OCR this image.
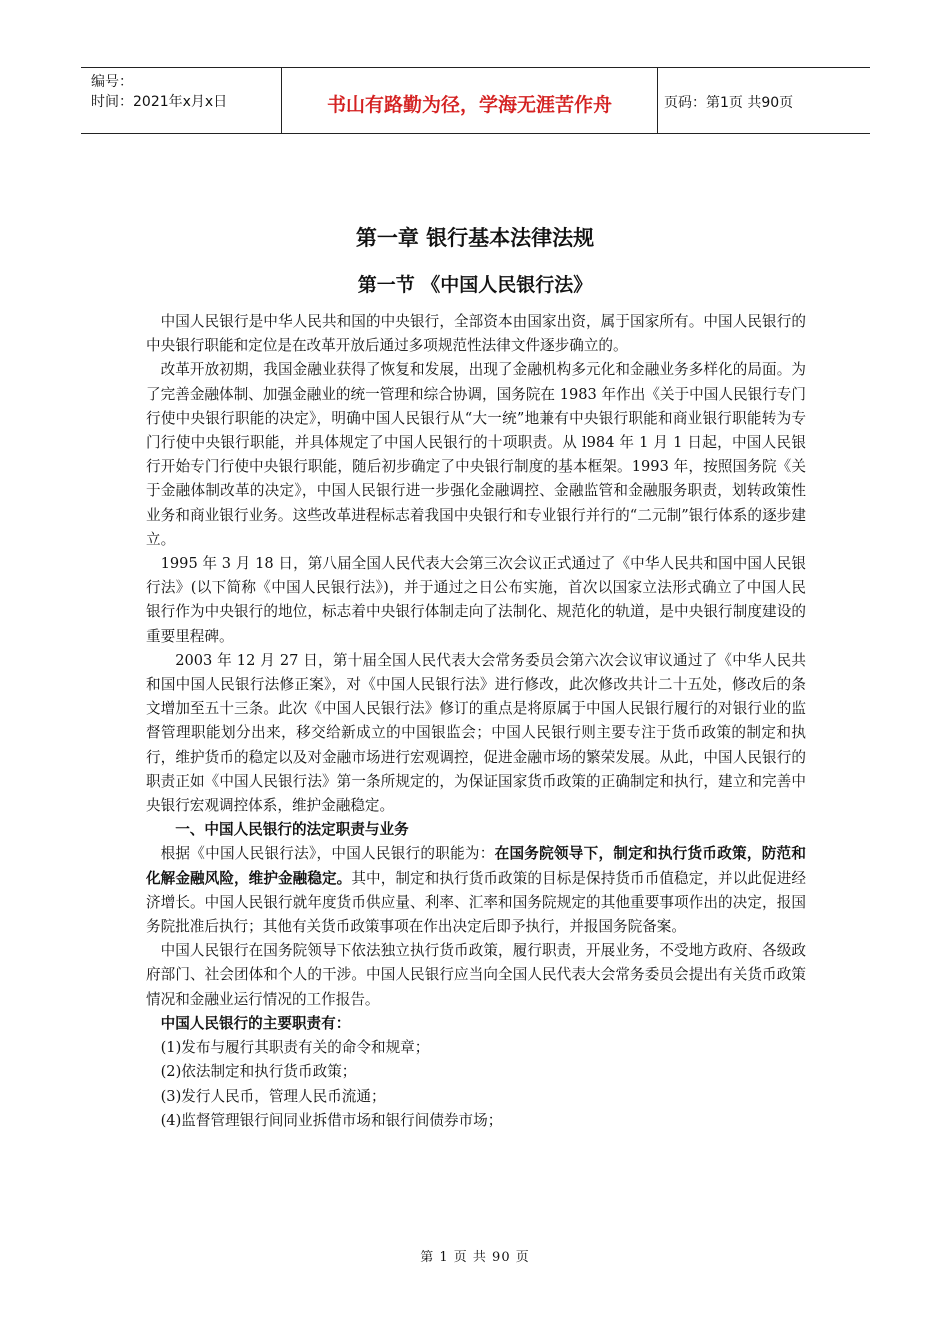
编号：
时间：2021年x月x日	书山有路勤为径，学海无涯苦作舟	页码：第1页 共90页
第一章 银行基本法律法规
第一节 《中国人民银行法》

中国人民银行是中华人民共和国的中央银行，全部资本由国家出资，属于国家所有。中国人民银行的中央银行职能和定位是在改革开放后通过多项规范性法律文件逐步确立的。

改革开放初期，我国金融业获得了恢复和发展，出现了金融机构多元化和金融业务多样化的局面。为了完善金融体制、加强金融业的统一管理和综合协调，国务院在 1983 年作出《关于中国人民银行专门行使中央银行职能的决定》，明确中国人民银行从“大一统”地兼有中央银行职能和商业银行职能转为专门行使中央银行职能，并具体规定了中国人民银行的十项职责。从 l984 年 1 月 1 日起，中国人民银行开始专门行使中央银行职能，随后初步确定了中央银行制度的基本框架。1993 年，按照国务院《关于金融体制改革的决定》，中国人民银行进一步强化金融调控、金融监管和金融服务职责，划转政策性业务和商业银行业务。这些改革进程标志着我国中央银行和专业银行并行的“二元制”银行体系的逐步建立。

1995 年 3 月 18 日，第八届全国人民代表大会第三次会议正式通过了《中华人民共和国中国人民银行法》(以下简称《中国人民银行法》)，并于通过之日公布实施，首次以国家立法形式确立了中国人民银行作为中央银行的地位，标志着中央银行体制走向了法制化、规范化的轨道，是中央银行制度建设的重要里程碑。

2003 年 12 月 27 日，第十届全国人民代表大会常务委员会第六次会议审议通过了《中华人民共和国中国人民银行法修正案》，对《中国人民银行法》进行修改，此次修改共计二十五处，修改后的条文增加至五十三条。此次《中国人民银行法》修订的重点是将原属于中国人民银行履行的对银行业的监督管理职能划分出来，移交给新成立的中国银监会；中国人民银行则主要专注于货币政策的制定和执行，维护货币的稳定以及对金融市场进行宏观调控，促进金融市场的繁荣发展。从此，中国人民银行的职责正如《中国人民银行法》第一条所规定的，为保证国家货币政策的正确制定和执行，建立和完善中央银行宏观调控体系，维护金融稳定。

一、中国人民银行的法定职责与业务

根据《中国人民银行法》，中国人民银行的职能为：在国务院领导下，制定和执行货币政策，防范和化解金融风险，维护金融稳定。其中，制定和执行货币政策的目标是保持货币币值稳定，并以此促进经济增长。中国人民银行就年度货币供应量、利率、汇率和国务院规定的其他重要事项作出的决定，报国务院批准后执行；其他有关货币政策事项在作出决定后即予执行，并报国务院备案。

中国人民银行在国务院领导下依法独立执行货币政策，履行职责，开展业务，不受地方政府、各级政府部门、社会团体和个人的干涉。中国人民银行应当向全国人民代表大会常务委员会提出有关货币政策情况和金融业运行情况的工作报告。

中国人民银行的主要职责有：

(1)发布与履行其职责有关的命令和规章；

(2)依法制定和执行货币政策；

(3)发行人民币，管理人民币流通；

(4)监督管理银行间同业拆借市场和银行间债券市场；

第 1 页 共 90 页
